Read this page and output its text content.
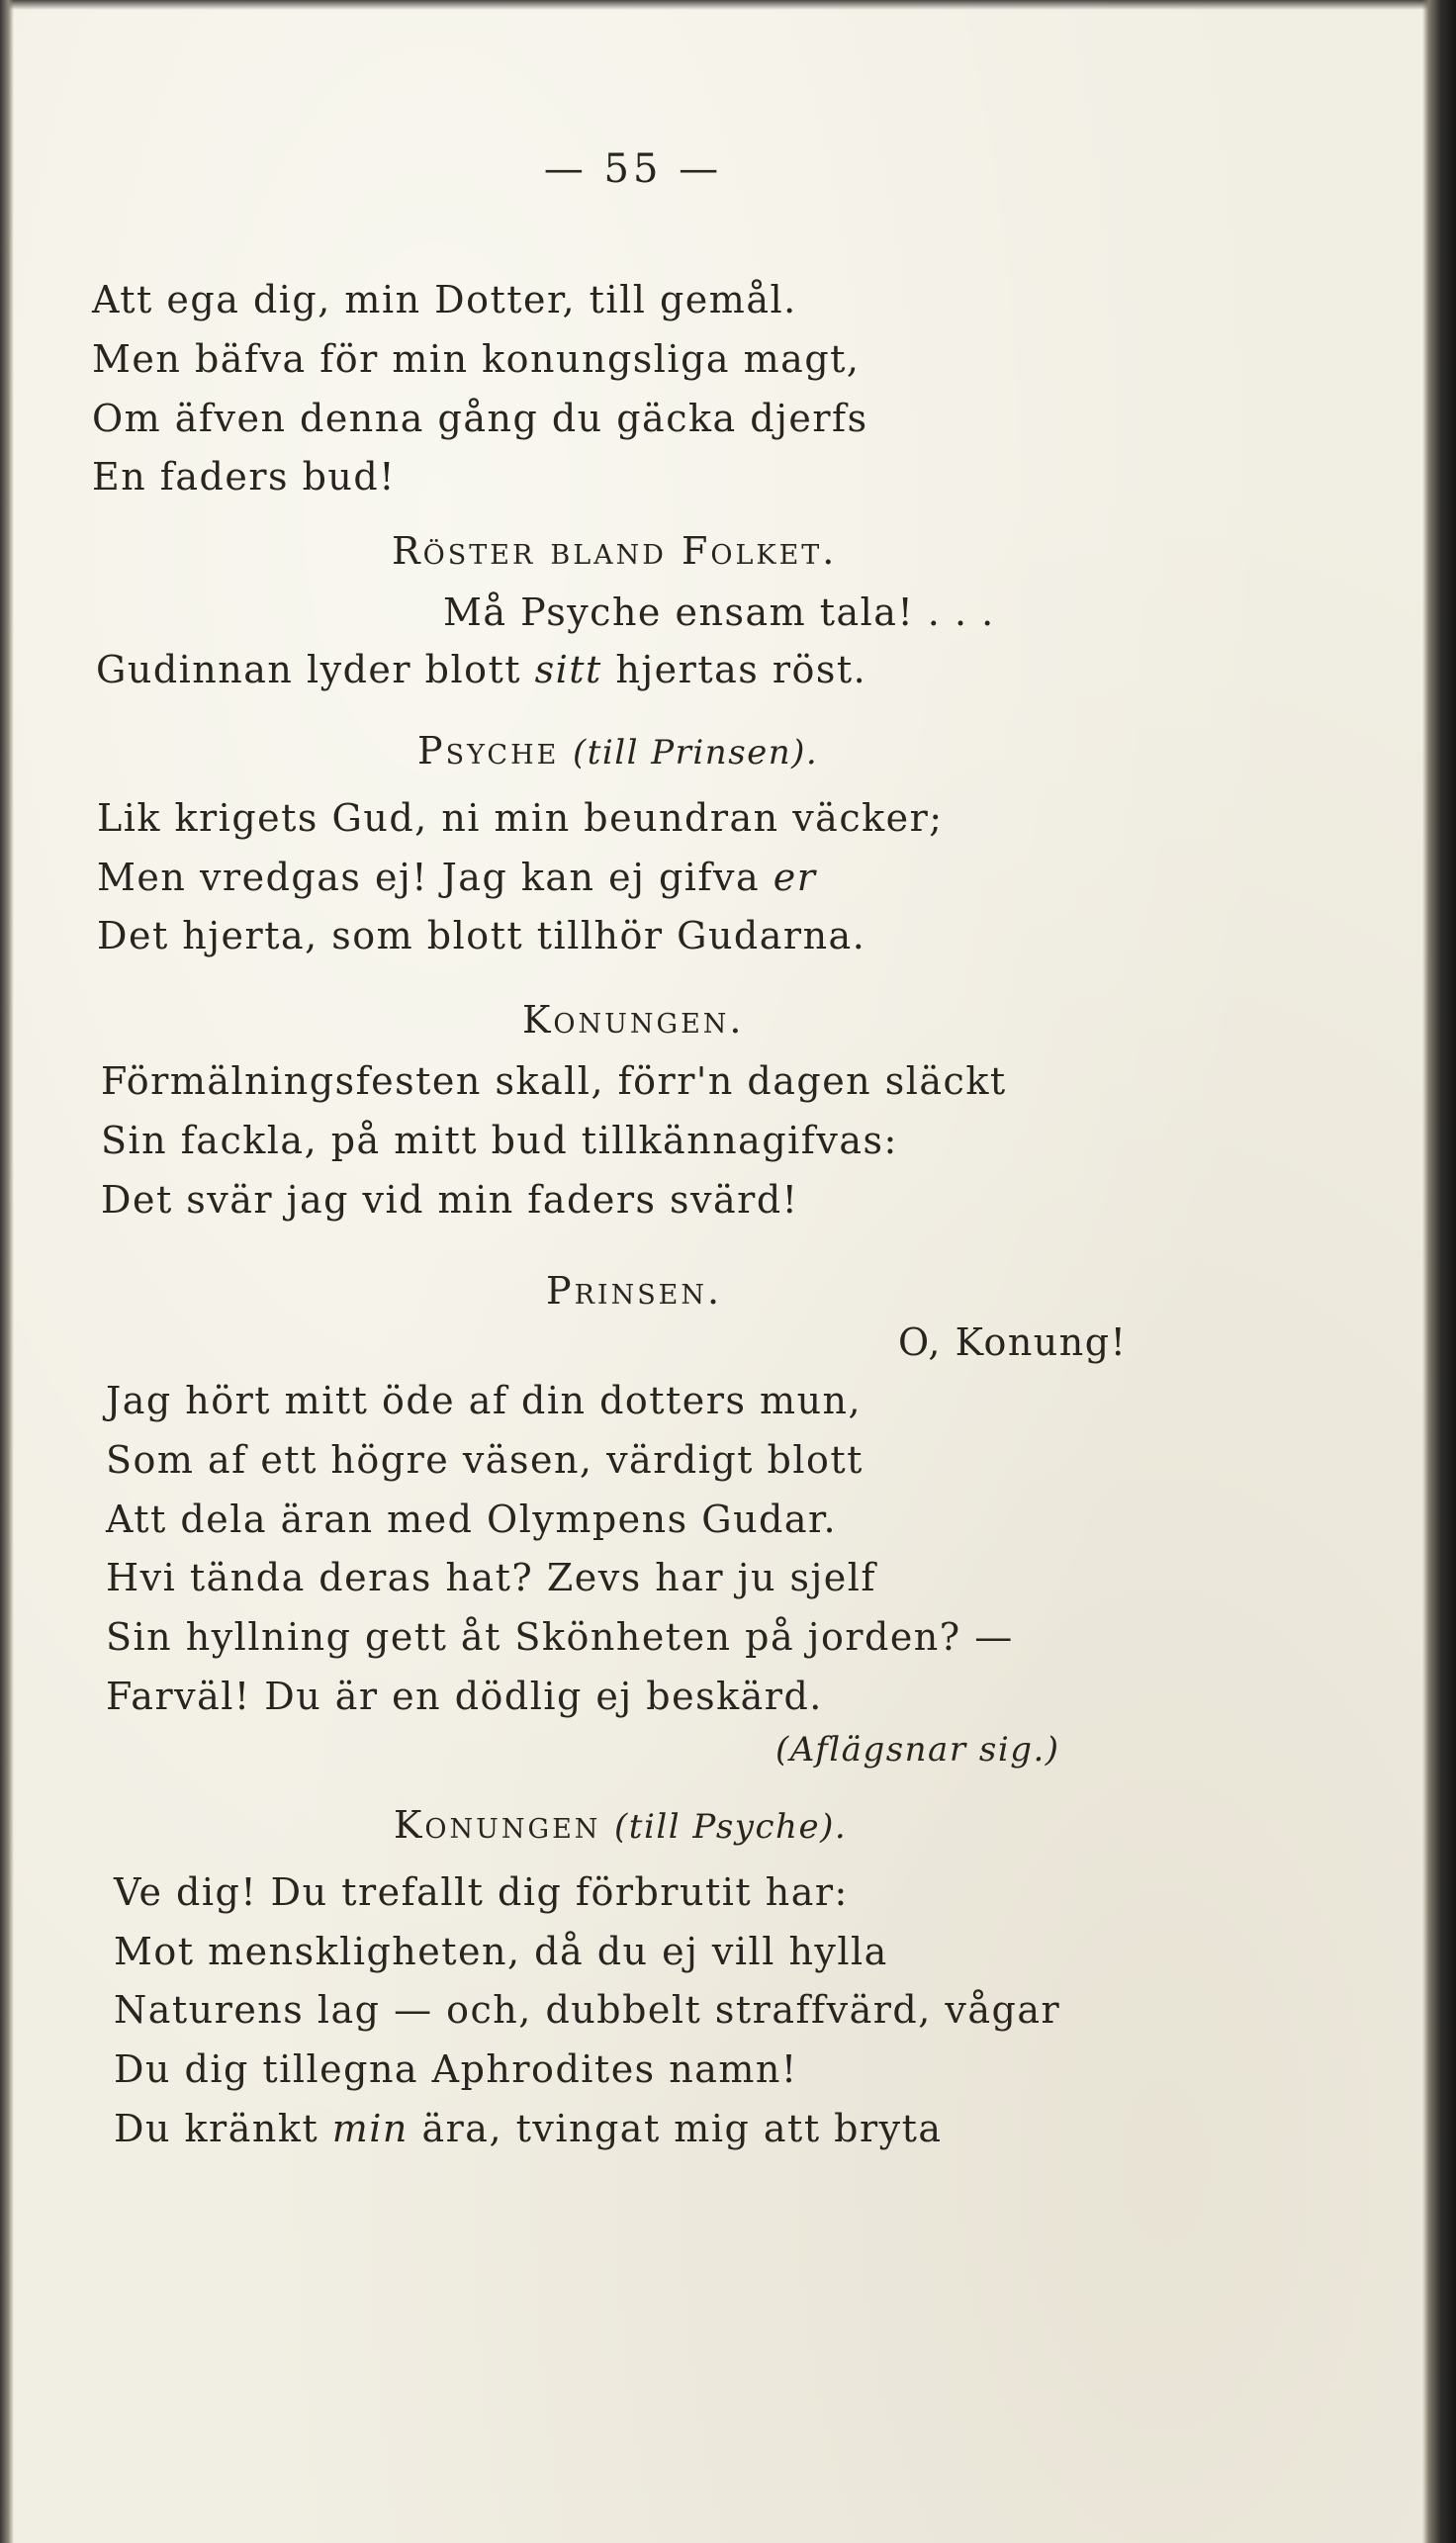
— 55 —

Att ega dig, min Dotter, till gemål.

Men bäfva för min konungsliga magt,

Om äfven denna gång du gäcka djerfs

En faders bud!

Röster bland Folket.

Må Psyche ensam tala! . . .

Gudinnan lyder blott sitt hjertas röst.

Psyche (till Prinsen).

Lik krigets Gud, ni min beundran väcker;

Men vredgas ej! Jag kan ej gifva er

Det hjerta, som blott tillhör Gudarna.

Konungen.

Förmälningsfesten skall, förr'n dagen släckt

Sin fackla, på mitt bud tillkännagifvas:

Det svär jag vid min faders svärd!

Prinsen.

O, Konung!

Jag hört mitt öde af din dotters mun,

Som af ett högre väsen, värdigt blott

Att dela äran med Olympens Gudar.

Hvi tända deras hat? Zevs har ju sjelf

Sin hyllning gett åt Skönheten på jorden? —

Farväl! Du är en dödlig ej beskärd.

(Aflägsnar sig.)

Konungen (till Psyche).

Ve dig! Du trefallt dig förbrutit har:

Mot menskligheten, då du ej vill hylla

Naturens lag — och, dubbelt straffvärd, vågar

Du dig tillegna Aphrodites namn!

Du kränkt min ära, tvingat mig att bryta
